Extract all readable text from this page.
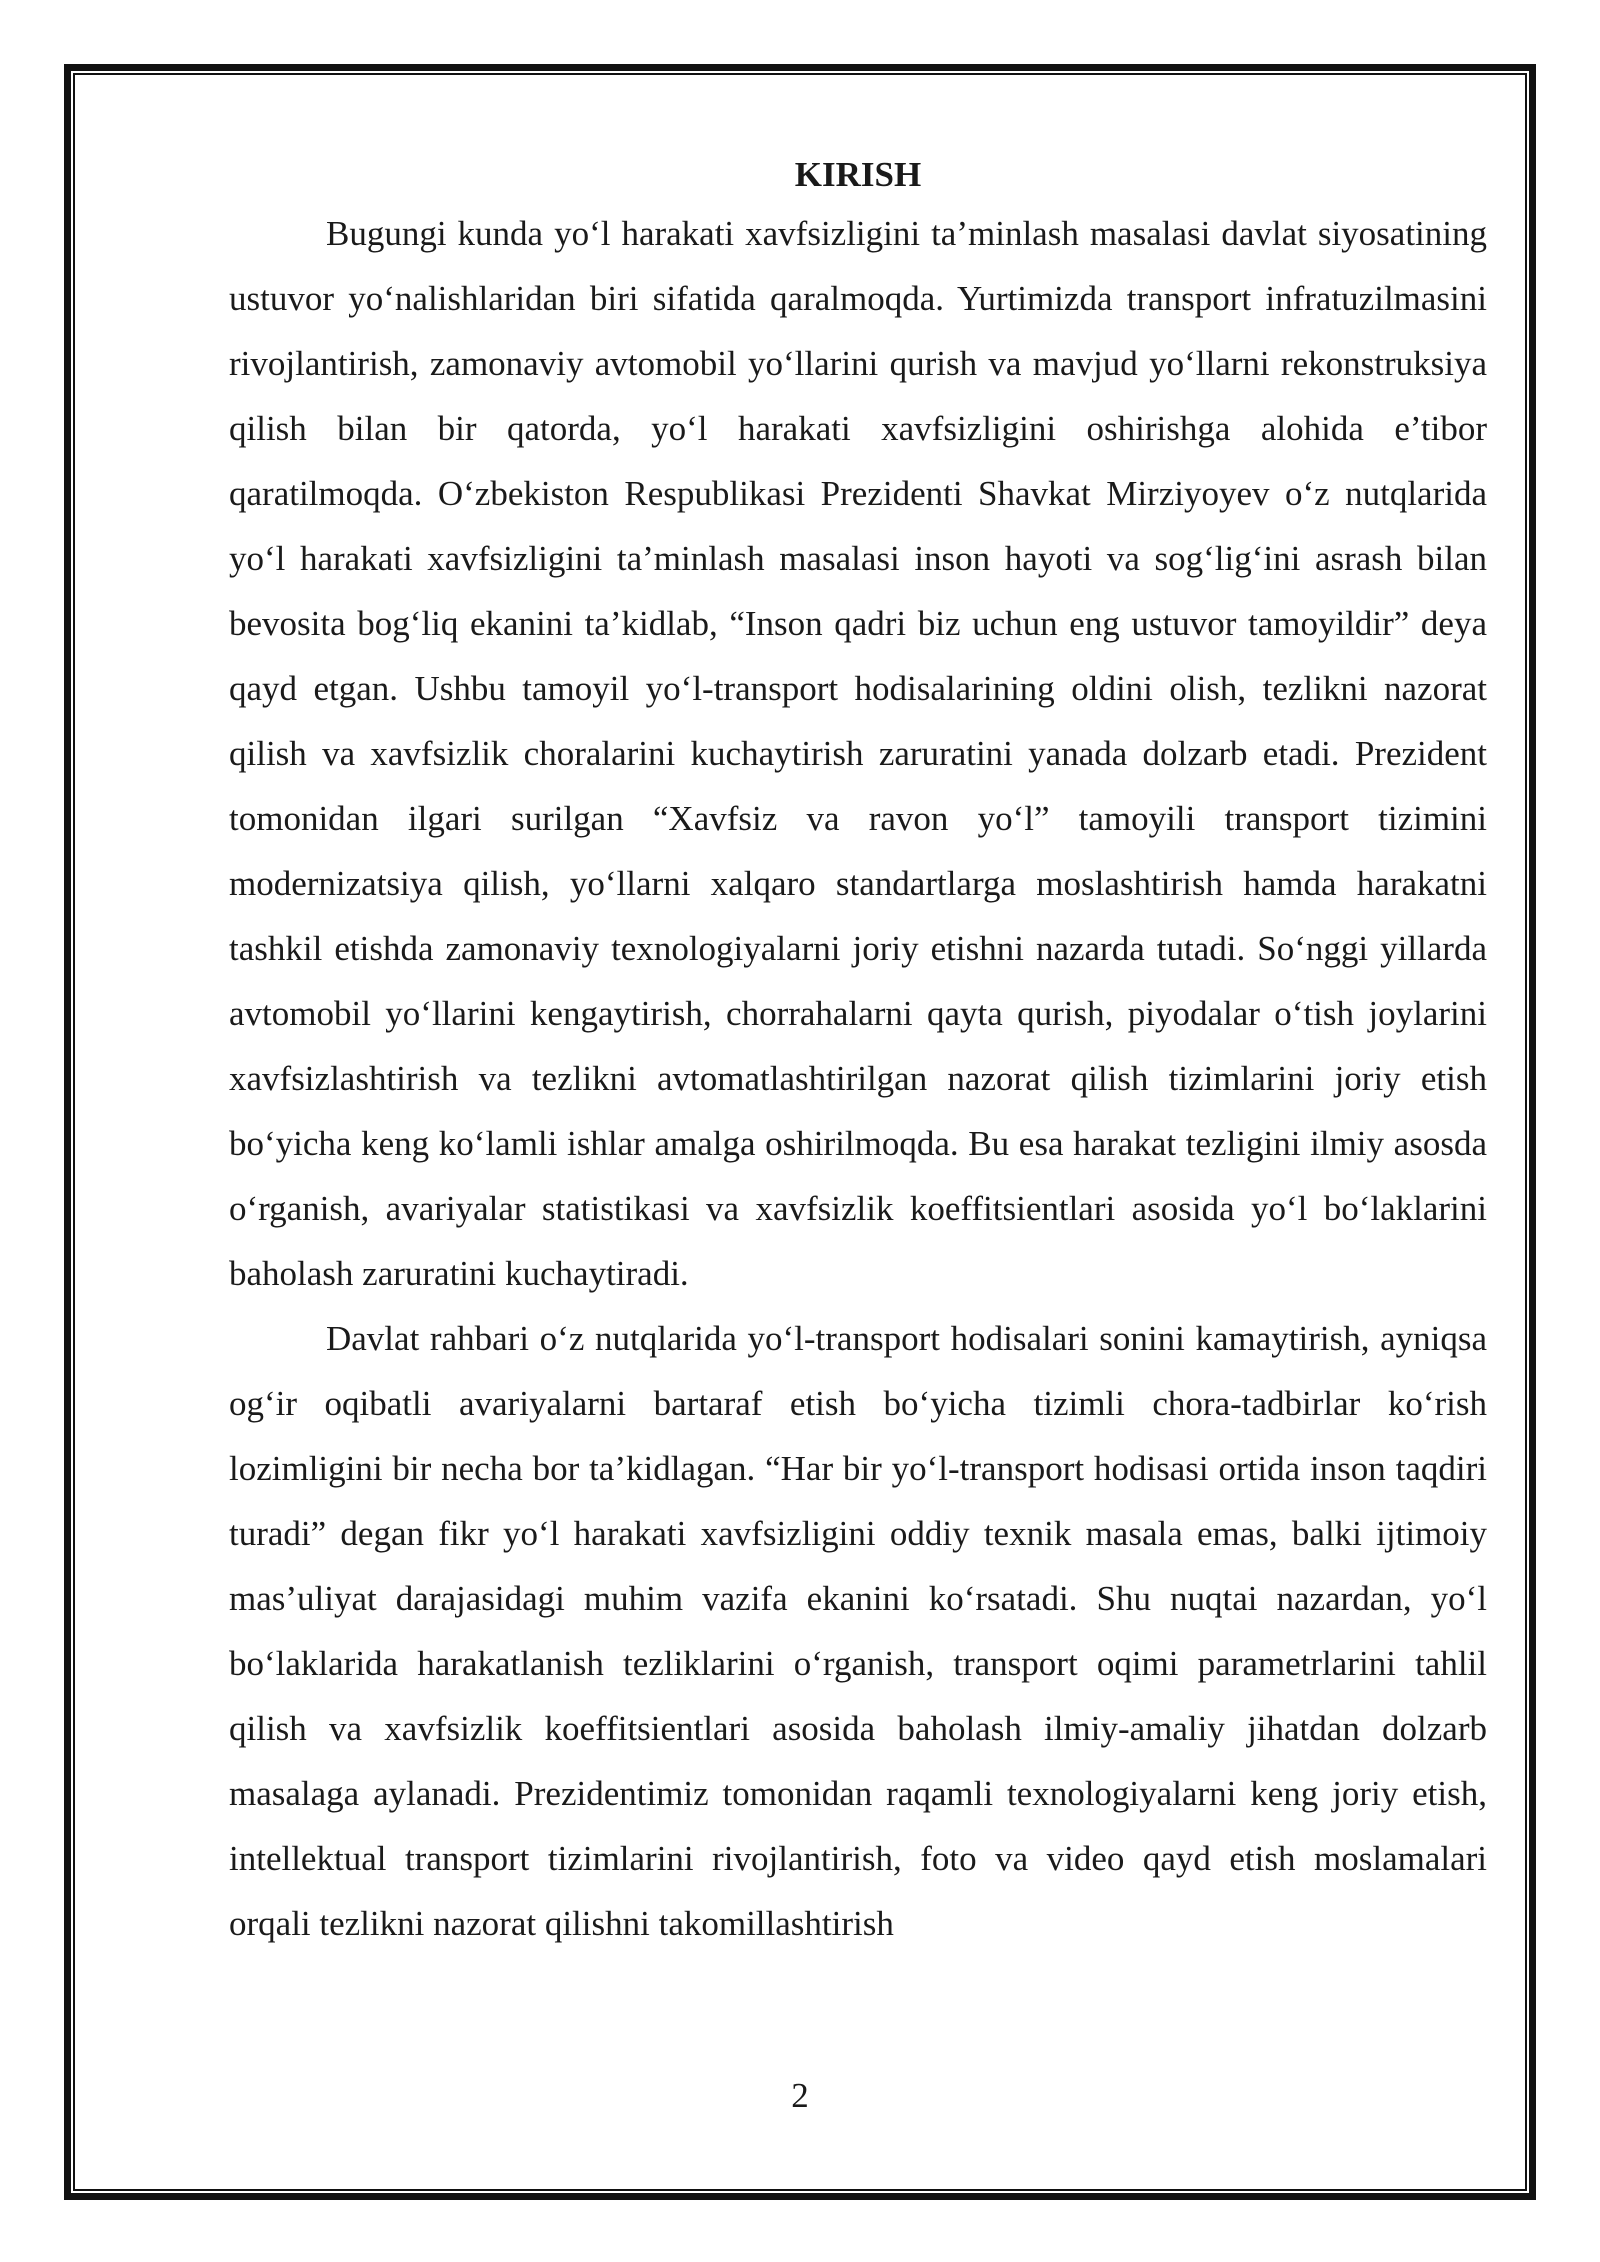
KIRISH

Bugungi kunda yo‘l harakati xavfsizligini ta’minlash masalasi davlat siyosatining ustuvor yo‘nalishlaridan biri sifatida qaralmoqda. Yurtimizda transport infratuzilmasini rivojlantirish, zamonaviy avtomobil yo‘llarini qurish va mavjud yo‘llarni rekonstruksiya qilish bilan bir qatorda, yo‘l harakati xavfsizligini oshirishga alohida e’tibor qaratilmoqda. O‘zbekiston Respublikasi Prezidenti Shavkat Mirziyoyev o‘z nutqlarida yo‘l harakati xavfsizligini ta’minlash masalasi inson hayoti va sog‘lig‘ini asrash bilan bevosita bog‘liq ekanini ta’kidlab, “Inson qadri biz uchun eng ustuvor tamoyildir” deya qayd etgan. Ushbu tamoyil yo‘l-transport hodisalarining oldini olish, tezlikni nazorat qilish va xavfsizlik choralarini kuchaytirish zaruratini yanada dolzarb etadi. Prezident tomonidan ilgari surilgan “Xavfsiz va ravon yo‘l” tamoyili transport tizimini modernizatsiya qilish, yo‘llarni xalqaro standartlarga moslashtirish hamda harakatni tashkil etishda zamonaviy texnologiyalarni joriy etishni nazarda tutadi. So‘nggi yillarda avtomobil yo‘llarini kengaytirish, chorrahalarni qayta qurish, piyodalar o‘tish joylarini xavfsizlashtirish va tezlikni avtomatlashtirilgan nazorat qilish tizimlarini joriy etish bo‘yicha keng ko‘lamli ishlar amalga oshirilmoqda. Bu esa harakat tezligini ilmiy asosda o‘rganish, avariyalar statistikasi va xavfsizlik koeffitsientlari asosida yo‘l bo‘laklarini baholash zaruratini kuchaytiradi.

Davlat rahbari o‘z nutqlarida yo‘l-transport hodisalari sonini kamaytirish, ayniqsa og‘ir oqibatli avariyalarni bartaraf etish bo‘yicha tizimli chora-tadbirlar ko‘rish lozimligini bir necha bor ta’kidlagan. “Har bir yo‘l-transport hodisasi ortida inson taqdiri turadi” degan fikr yo‘l harakati xavfsizligini oddiy texnik masala emas, balki ijtimoiy mas’uliyat darajasidagi muhim vazifa ekanini ko‘rsatadi. Shu nuqtai nazardan, yo‘l bo‘laklarida harakatlanish tezliklarini o‘rganish, transport oqimi parametrlarini tahlil qilish va xavfsizlik koeffitsientlari asosida baholash ilmiy-amaliy jihatdan dolzarb masalaga aylanadi. Prezidentimiz tomonidan raqamli texnologiyalarni keng joriy etish, intellektual transport tizimlarini rivojlantirish, foto va video qayd etish moslamalari orqali tezlikni nazorat qilishni takomillashtirish

2
